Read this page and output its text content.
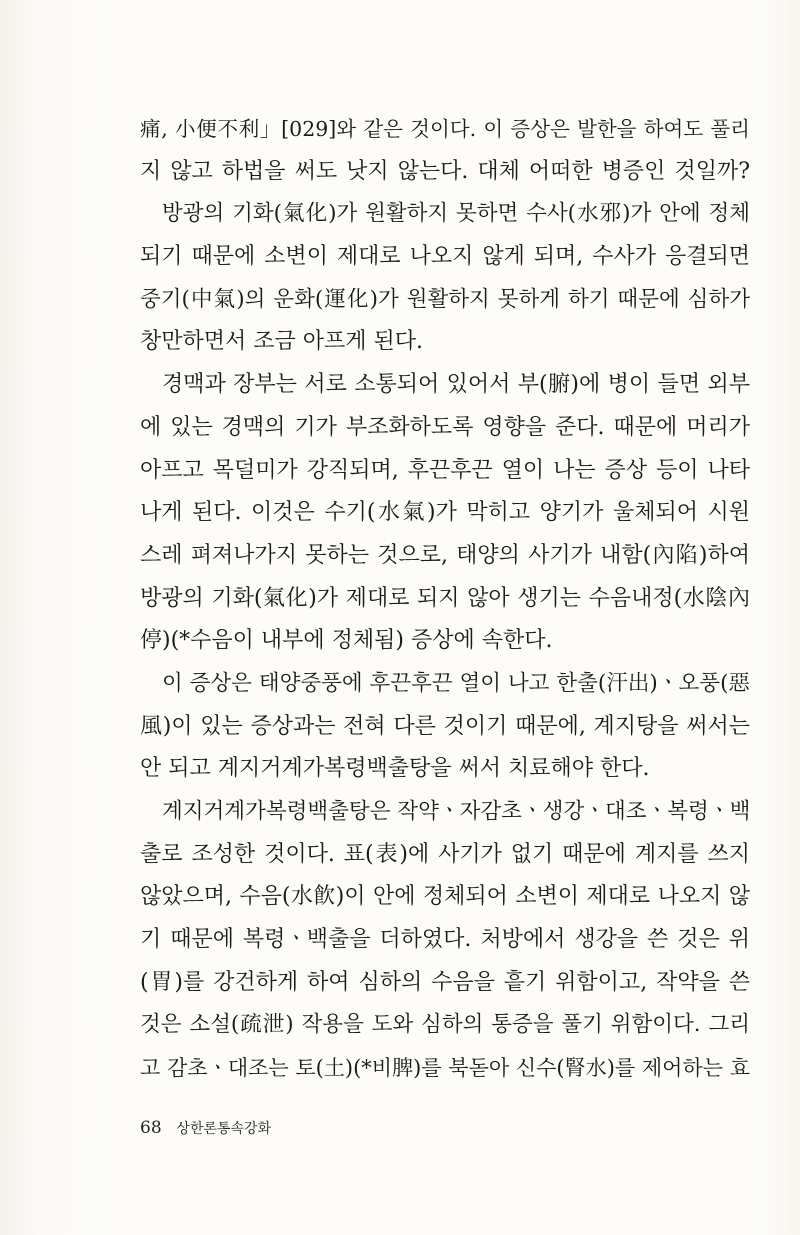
痛, 小便不利」[029]와 같은 것이다. 이 증상은 발한을 하여도 풀리
지 않고 하법을 써도 낫지 않는다. 대체 어떠한 병증인 것일까?
방광의 기화(氣化)가 원활하지 못하면 수사(水邪)가 안에 정체
되기 때문에 소변이 제대로 나오지 않게 되며, 수사가 응결되면
중기(中氣)의 운화(運化)가 원활하지 못하게 하기 때문에 심하가
창만하면서 조금 아프게 된다.
경맥과 장부는 서로 소통되어 있어서 부(腑)에 병이 들면 외부
에 있는 경맥의 기가 부조화하도록 영향을 준다. 때문에 머리가
아프고 목덜미가 강직되며, 후끈후끈 열이 나는 증상 등이 나타
나게 된다. 이것은 수기(水氣)가 막히고 양기가 울체되어 시원
스레 펴져나가지 못하는 것으로, 태양의 사기가 내함(內陷)하여
방광의 기화(氣化)가 제대로 되지 않아 생기는 수음내정(水陰內
停)(*수음이 내부에 정체됨) 증상에 속한다.
이 증상은 태양중풍에 후끈후끈 열이 나고 한출(汗出)ㆍ오풍(惡
風)이 있는 증상과는 전혀 다른 것이기 때문에, 계지탕을 써서는
안 되고 계지거계가복령백출탕을 써서 치료해야 한다.
계지거계가복령백출탕은 작약ㆍ자감초ㆍ생강ㆍ대조ㆍ복령ㆍ백
출로 조성한 것이다. 표(表)에 사기가 없기 때문에 계지를 쓰지
않았으며, 수음(水飮)이 안에 정체되어 소변이 제대로 나오지 않
기 때문에 복령ㆍ백출을 더하였다. 처방에서 생강을 쓴 것은 위
(胃)를 강건하게 하여 심하의 수음을 흩기 위함이고, 작약을 쓴
것은 소설(疏泄) 작용을 도와 심하의 통증을 풀기 위함이다. 그리
고 감초ㆍ대조는 토(土)(*비脾)를 북돋아 신수(腎水)를 제어하는 효
68 상한론통속강화
